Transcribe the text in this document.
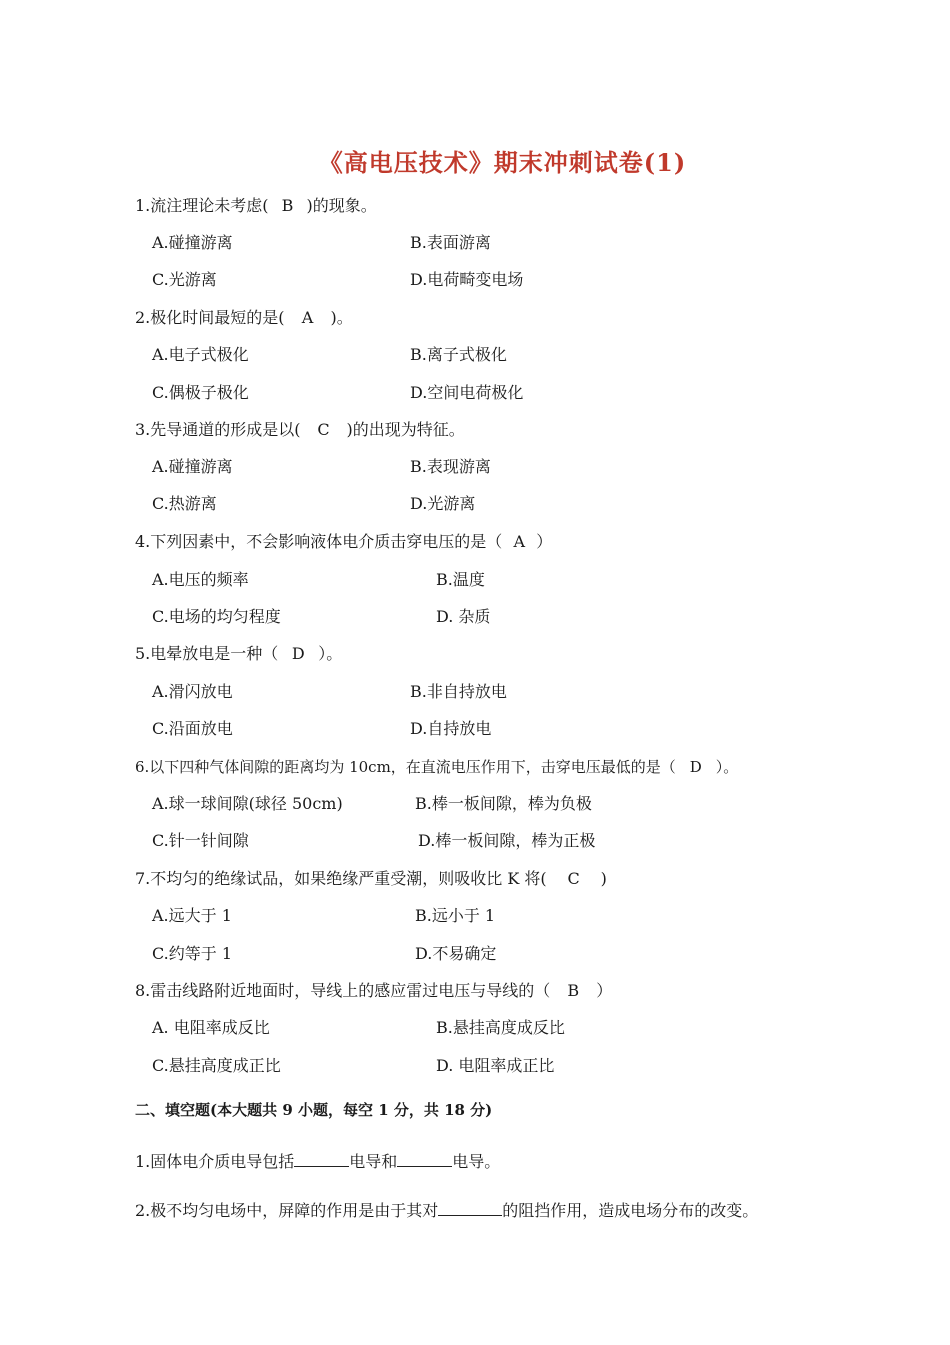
《高电压技术》期末冲刺试卷(1)
1.流注理论未考虑( B )的现象。
A.碰撞游离	B.表面游离
C.光游离	D.电荷畸变电场
2.极化时间最短的是( A )。
A.电子式极化	B.离子式极化
C.偶极子极化	D.空间电荷极化
3.先导通道的形成是以( C )的出现为特征。
A.碰撞游离	B.表现游离
C.热游离	D.光游离
4.下列因素中，不会影响液体电介质击穿电压的是（ A ）
A.电压的频率	B.温度
C.电场的均匀程度	D. 杂质
5.电晕放电是一种（ D ）。
A.滑闪放电	B.非自持放电
C.沿面放电	D.自持放电
6.以下四种气体间隙的距离均为 10cm，在直流电压作用下，击穿电压最低的是（ D ）。
A.球一球间隙(球径 50cm)	B.棒一板间隙，棒为负极
C.针一针间隙	D.棒一板间隙，棒为正极
7.不均匀的绝缘试品，如果绝缘严重受潮，则吸收比 K 将( C )
A.远大于 1	B.远小于 1
C.约等于 1	D.不易确定
8.雷击线路附近地面时，导线上的感应雷过电压与导线的（ B ）
A. 电阻率成反比	B.悬挂高度成反比
C.悬挂高度成正比	D. 电阻率成正比
二、填空题(本大题共 9 小题，每空 1 分，共 18 分)
1.固体电介质电导包括	电导和	电导。
2.极不均匀电场中，屏障的作用是由于其对	的阻挡作用，造成电场分布的改变。
